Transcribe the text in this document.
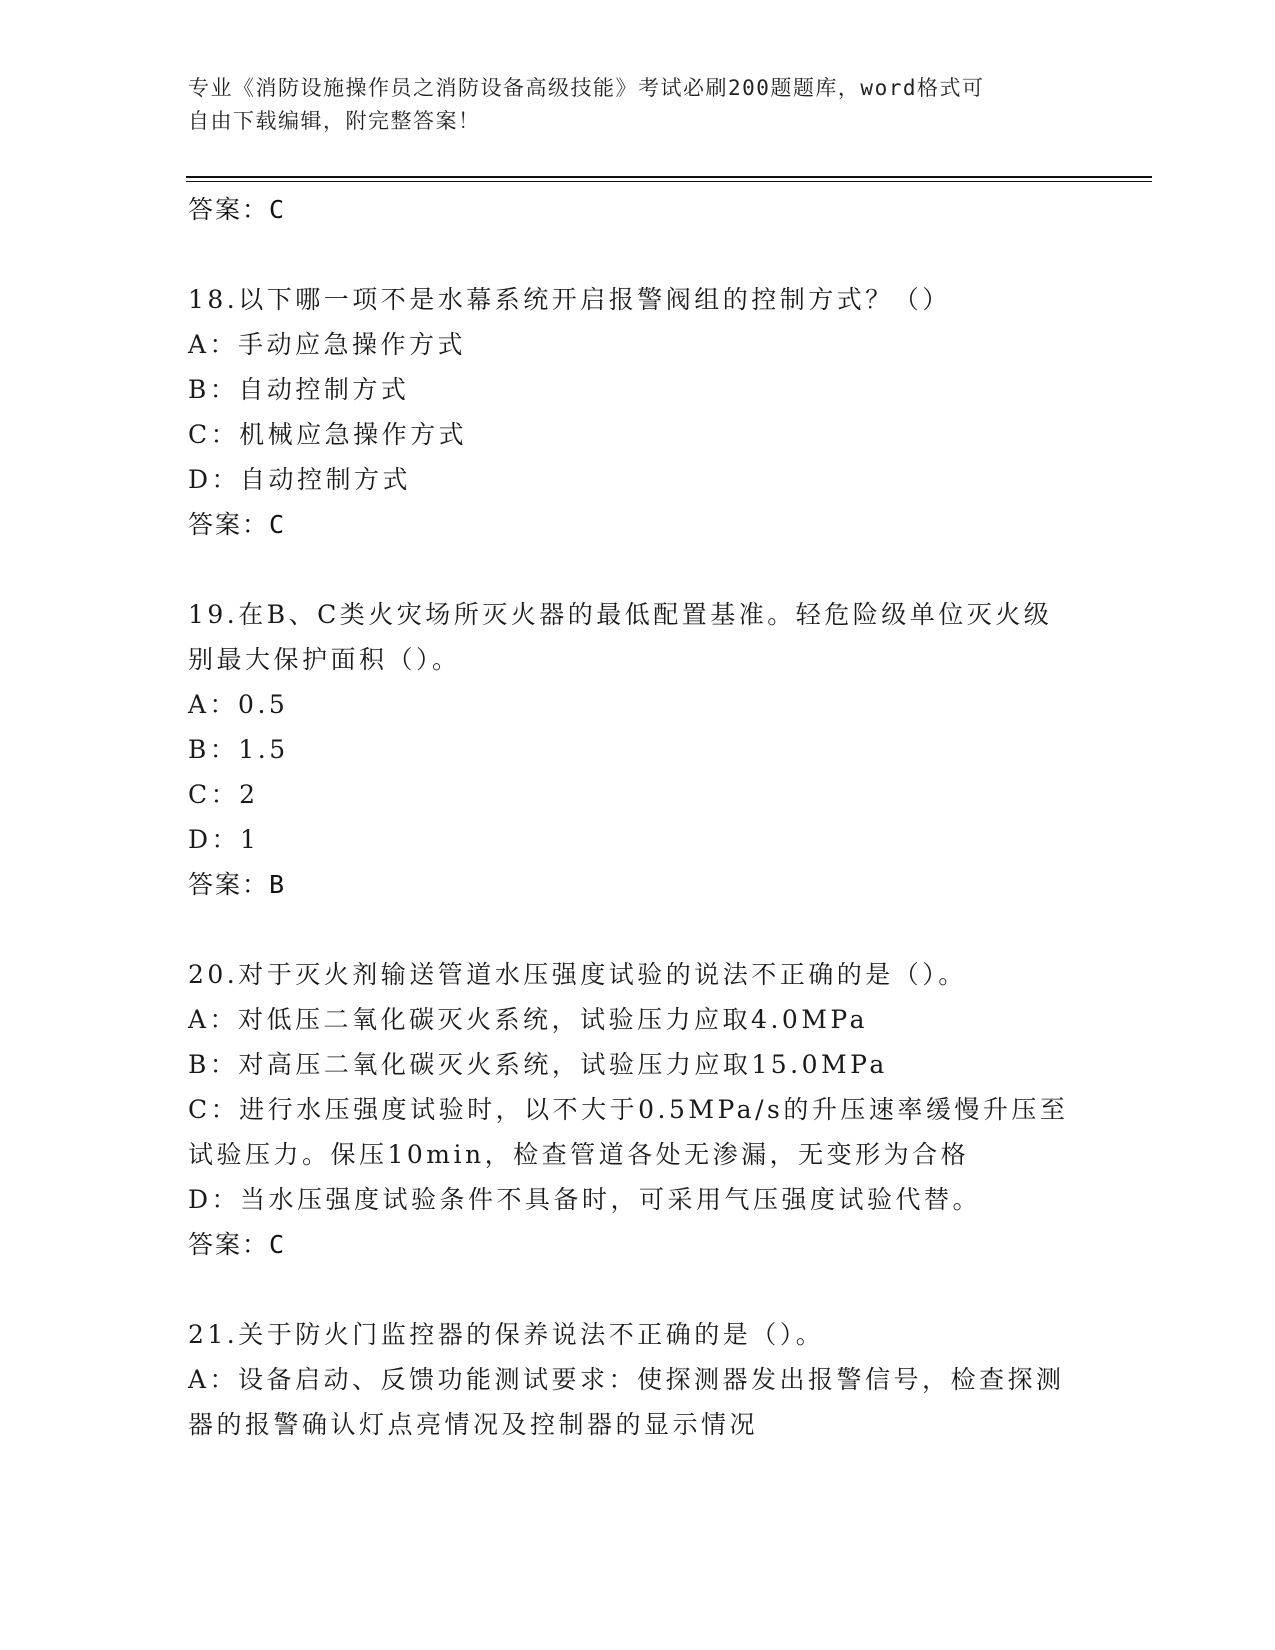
专业《消防设施操作员之消防设备高级技能》考试必刷200题题库，word格式可
自由下载编辑，附完整答案！
答案：C
18.以下哪一项不是水幕系统开启报警阀组的控制方式？（）
A：手动应急操作方式
B：自动控制方式
C：机械应急操作方式
D：自动控制方式
答案：C
19.在B、C类火灾场所灭火器的最低配置基准。轻危险级单位灭火级
别最大保护面积（）。
A：0.5
B：1.5
C：2
D：1
答案：B
20.对于灭火剂输送管道水压强度试验的说法不正确的是（）。
A：对低压二氧化碳灭火系统，试验压力应取4.0MPa
B：对高压二氧化碳灭火系统，试验压力应取15.0MPa
C：进行水压强度试验时，以不大于0.5MPa/s的升压速率缓慢升压至
试验压力。保压10min，检查管道各处无渗漏，无变形为合格
D：当水压强度试验条件不具备时，可采用气压强度试验代替。
答案：C
21.关于防火门监控器的保养说法不正确的是（）。
A：设备启动、反馈功能测试要求：使探测器发出报警信号，检查探测
器的报警确认灯点亮情况及控制器的显示情况
